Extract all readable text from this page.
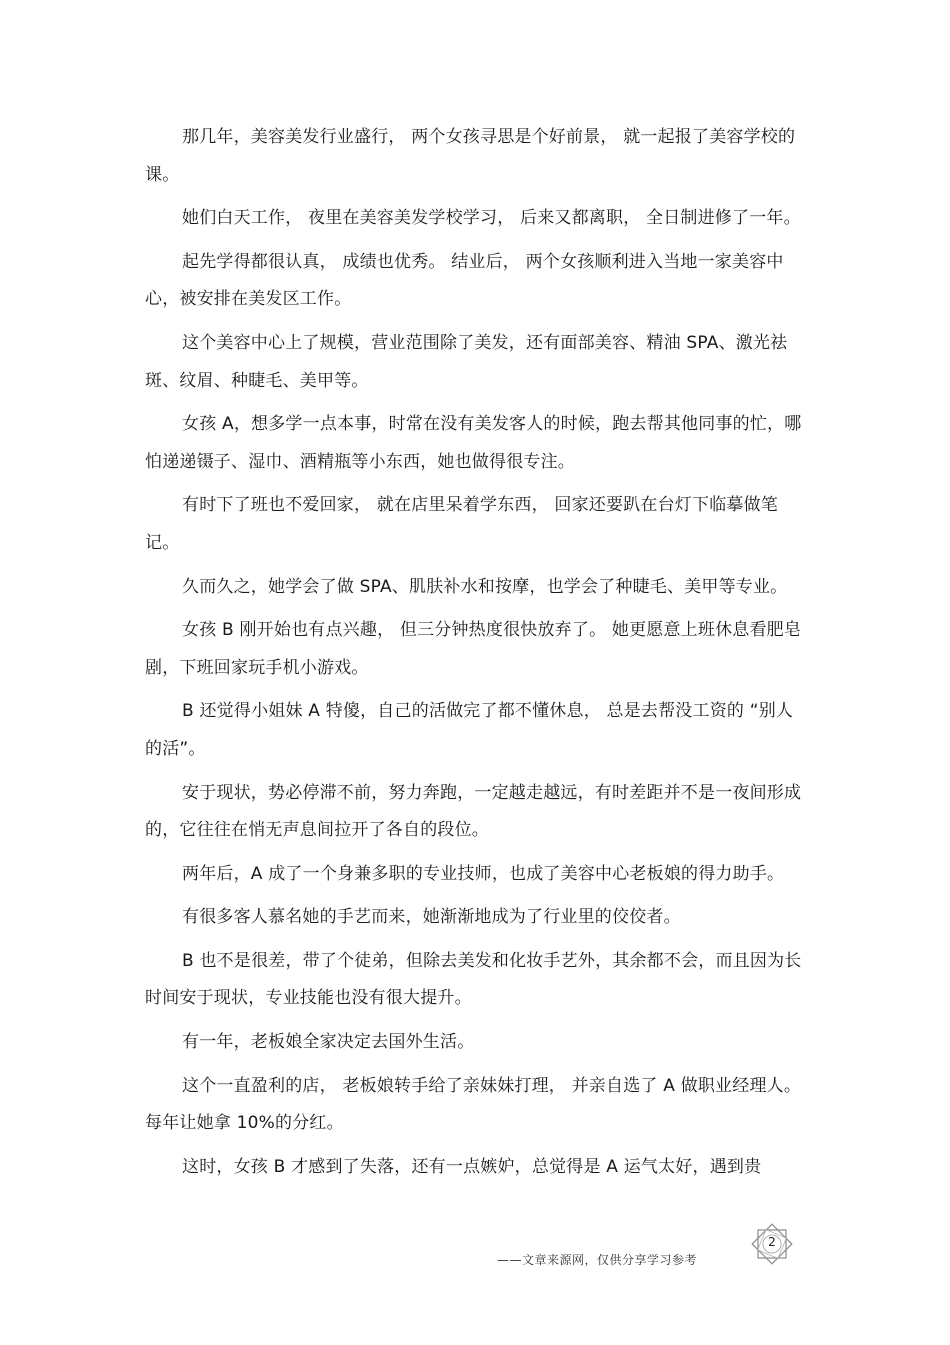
那几年，美容美发行业盛行， 两个女孩寻思是个好前景， 就一起报了美容学校的课。

她们白天工作， 夜里在美容美发学校学习， 后来又都离职， 全日制进修了一年。

起先学得都很认真， 成绩也优秀。 结业后， 两个女孩顺利进入当地一家美容中心，被安排在美发区工作。

这个美容中心上了规模，营业范围除了美发，还有面部美容、精油 SPA、激光祛斑、纹眉、种睫毛、美甲等。

女孩 A，想多学一点本事，时常在没有美发客人的时候，跑去帮其他同事的忙，哪怕递递镊子、湿巾、酒精瓶等小东西，她也做得很专注。

有时下了班也不爱回家， 就在店里呆着学东西， 回家还要趴在台灯下临摹做笔记。

久而久之，她学会了做 SPA、肌肤补水和按摩，也学会了种睫毛、美甲等专业。

女孩 B 刚开始也有点兴趣， 但三分钟热度很快放弃了。 她更愿意上班休息看肥皂剧，下班回家玩手机小游戏。

B 还觉得小姐妹 A 特傻，自己的活做完了都不懂休息， 总是去帮没工资的 “别人的活”。

安于现状，势必停滞不前，努力奔跑，一定越走越远，有时差距并不是一夜间形成的，它往往在悄无声息间拉开了各自的段位。

两年后，A 成了一个身兼多职的专业技师，也成了美容中心老板娘的得力助手。

有很多客人慕名她的手艺而来，她渐渐地成为了行业里的佼佼者。

B 也不是很差，带了个徒弟，但除去美发和化妆手艺外，其余都不会，而且因为长时间安于现状，专业技能也没有很大提升。

有一年，老板娘全家决定去国外生活。

这个一直盈利的店， 老板娘转手给了亲妹妹打理， 并亲自选了 A 做职业经理人。每年让她拿 10%的分红。

这时，女孩 B 才感到了失落，还有一点嫉妒，总觉得是 A 运气太好，遇到贵

2
——文章来源网，仅供分享学习参考
